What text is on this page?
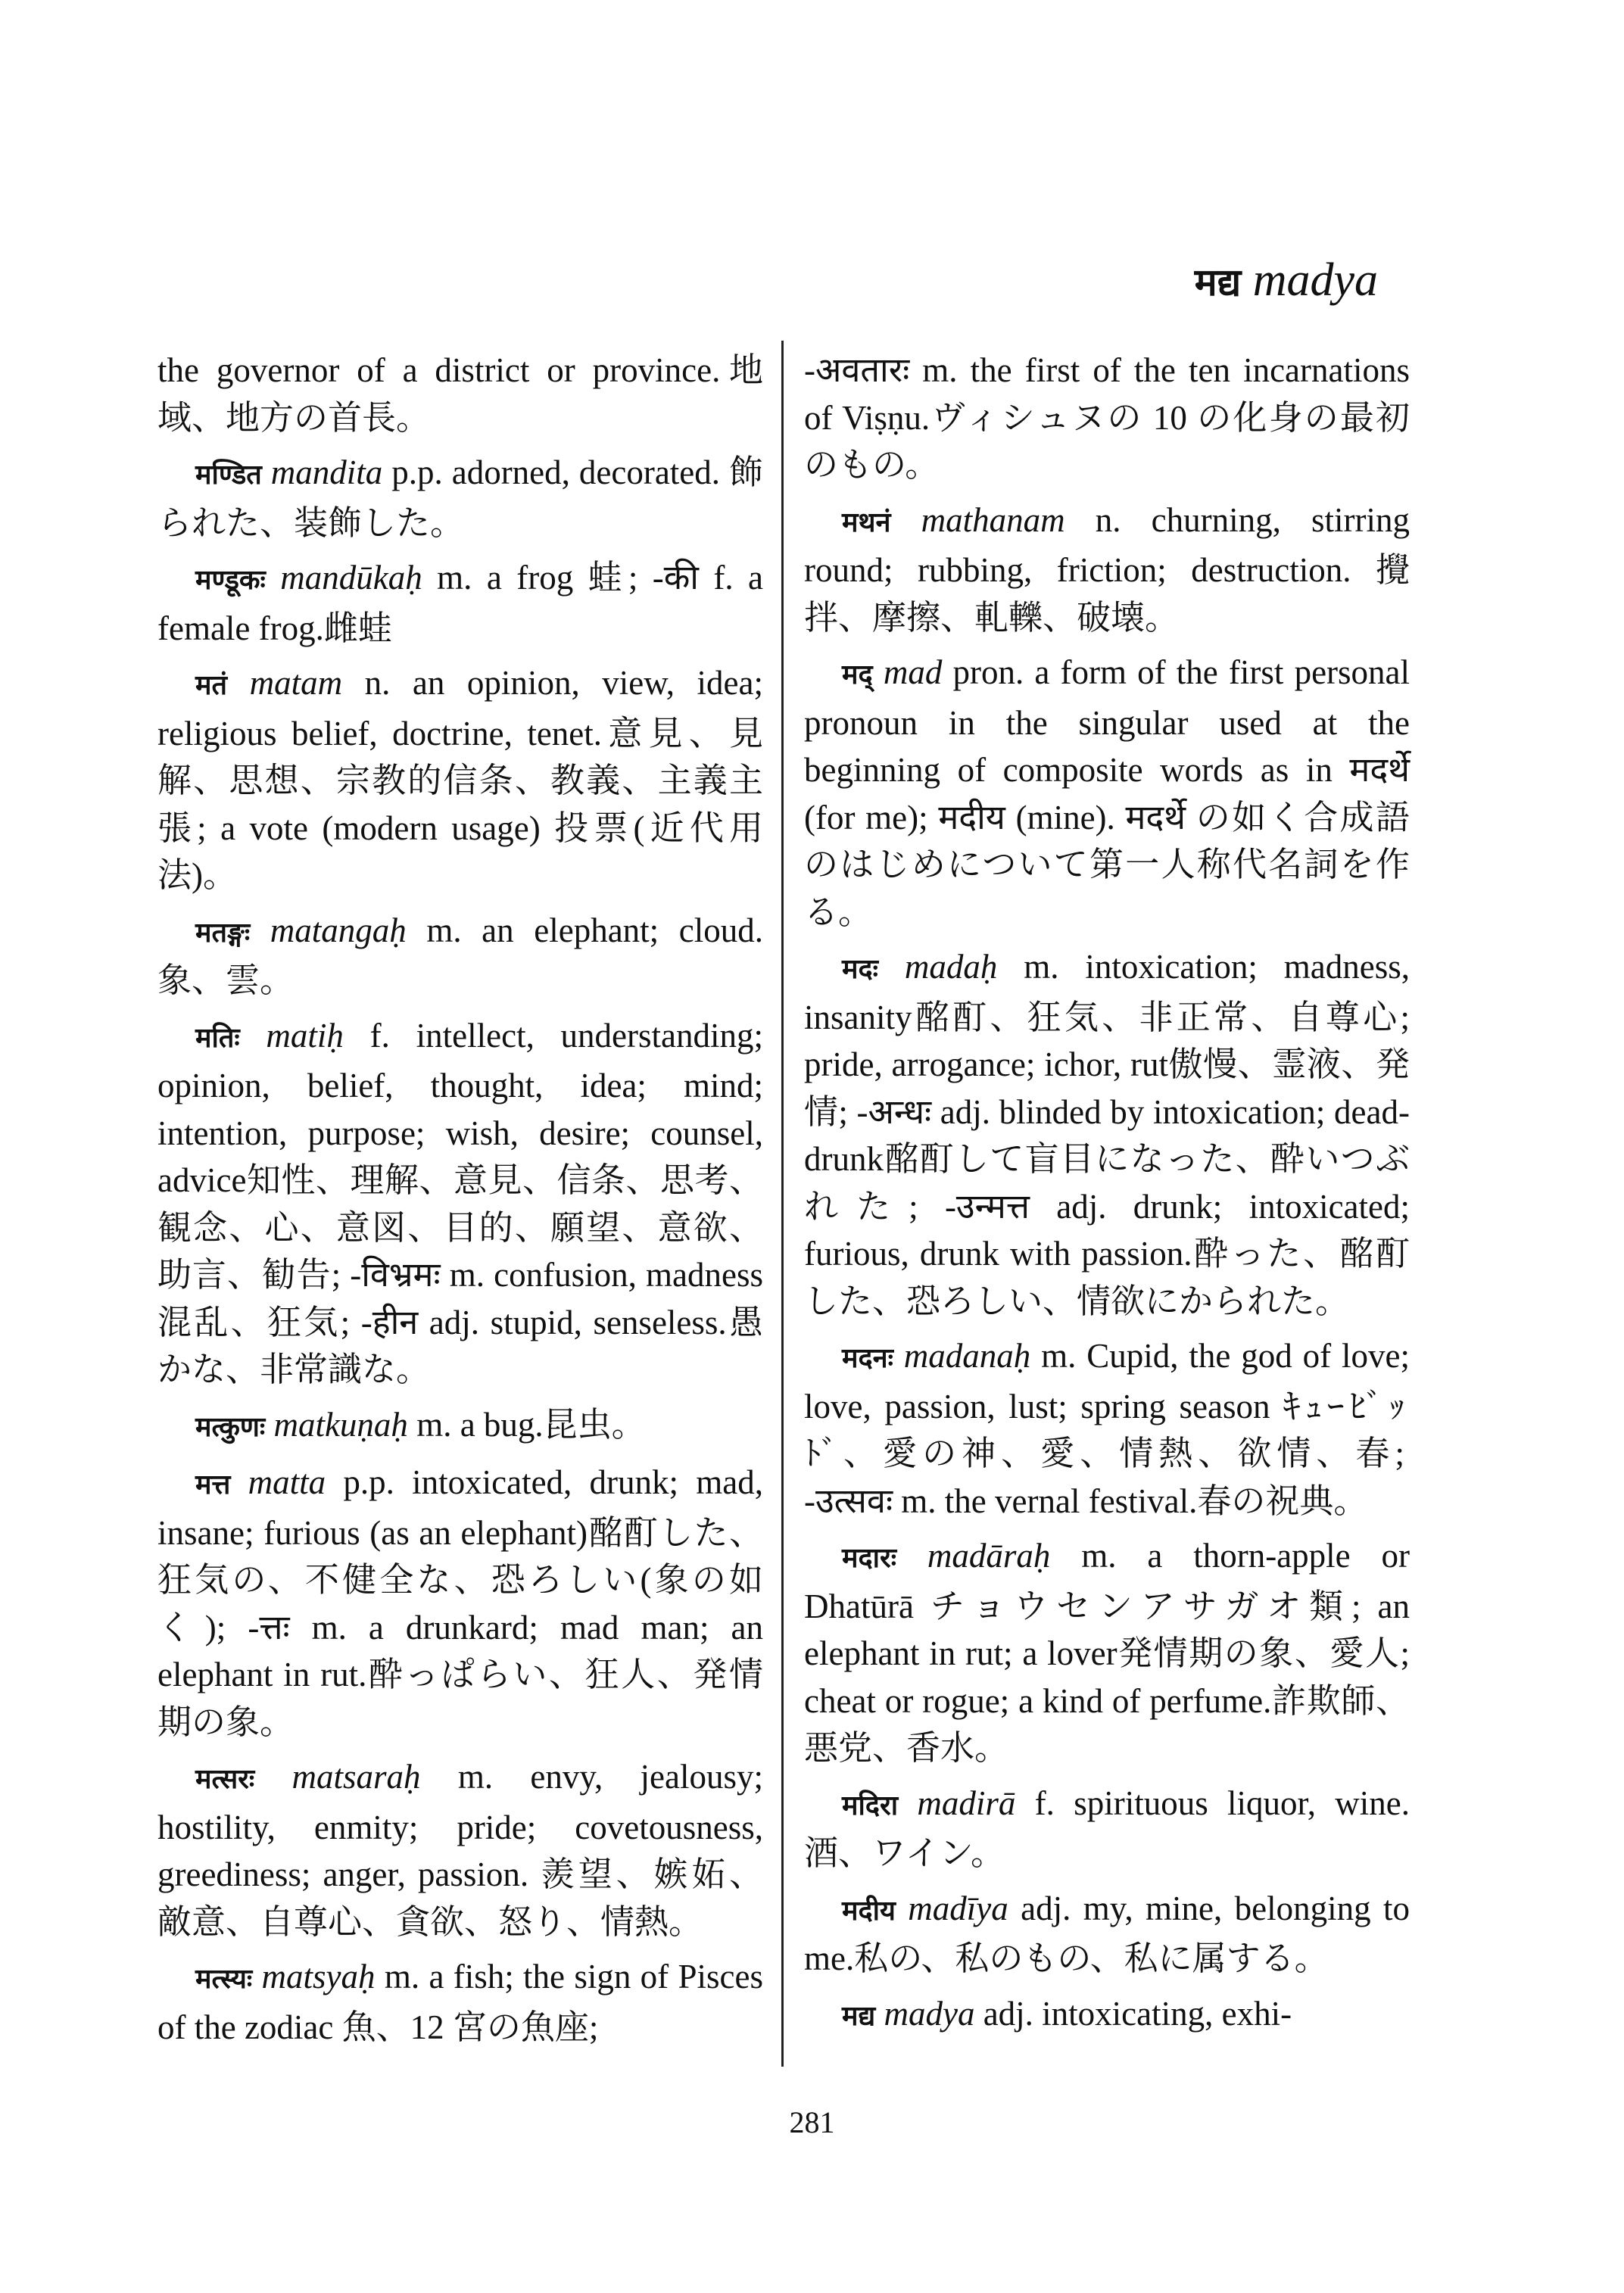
मद्य madya

the governor of a district or province.地域、地方の首長。

मण्डित mandita p.p. adorned, decorated. 飾られた、装飾した。

मण्डूकः mandūkaḥ m. a frog 蛙; -की f. a female frog.雌蛙

मतं matam n. an opinion, view, idea; religious belief, doctrine, tenet.意見、見解、思想、宗教的信条、教義、主義主張; a vote (modern usage) 投票(近代用法)。

मतङ्गः matangaḥ m. an elephant; cloud. 象、雲。

मतिः matiḥ f. intellect, understanding; opinion, belief, thought, idea; mind; intention, purpose; wish, desire; counsel, advice知性、理解、意見、信条、思考、観念、心、意図、目的、願望、意欲、助言、勧告; -विभ्रमः m. confusion, madness混乱、狂気; -हीन adj. stupid, senseless.愚かな、非常識な。

मत्कुणः matkuṇaḥ m. a bug.昆虫。

मत्त matta p.p. intoxicated, drunk; mad, insane; furious (as an elephant)酩酊した、狂気の、不健全な、恐ろしい(象の如く); -त्तः m. a drunkard; mad man; an elephant in rut.酔っぱらい、狂人、発情期の象。

मत्सरः matsaraḥ m. envy, jealousy; hostility, enmity; pride; covetousness, greediness; anger, passion. 羨望、嫉妬、敵意、自尊心、貪欲、怒り、情熱。

मत्स्यः matsyaḥ m. a fish; the sign of Pisces of the zodiac 魚、12 宮の魚座;

-अवतारः m. the first of the ten incarnations of Viṣṇu.ヴィシュヌの 10 の化身の最初のもの。

मथनं mathanam n. churning, stirring round; rubbing, friction; destruction. 攪拌、摩擦、軋轢、破壊。

मद् mad pron. a form of the first personal pronoun in the singular used at the beginning of composite words as in मदर्थे (for me); मदीय (mine). मदर्थे の如く合成語のはじめについて第一人称代名詞を作る。

मदः madaḥ m. intoxication; madness, insanity酩酊、狂気、非正常、自尊心; pride, arrogance; ichor, rut傲慢、霊液、発情; -अन्धः adj. blinded by intoxication; dead-drunk酩酊して盲目になった、酔いつぶれた; -उन्मत्त adj. drunk; intoxicated; furious, drunk with passion.酔った、酩酊した、恐ろしい、情欲にかられた。

मदनः madanaḥ m. Cupid, the god of love; love, passion, lust; spring season ｷｭｰﾋﾞｯﾄﾞ、愛の神、愛、情熱、欲情、春; -उत्सवः m. the vernal festival.春の祝典。

मदारः madāraḥ m. a thorn-apple or Dhatūrā チョウセンアサガオ類; an elephant in rut; a lover発情期の象、愛人; cheat or rogue; a kind of perfume.詐欺師、悪党、香水。

मदिरा madirā f. spirituous liquor, wine. 酒、ワイン。

मदीय madīya adj. my, mine, belonging to me.私の、私のもの、私に属する。

मद्य madya adj. intoxicating, exhi-

281
